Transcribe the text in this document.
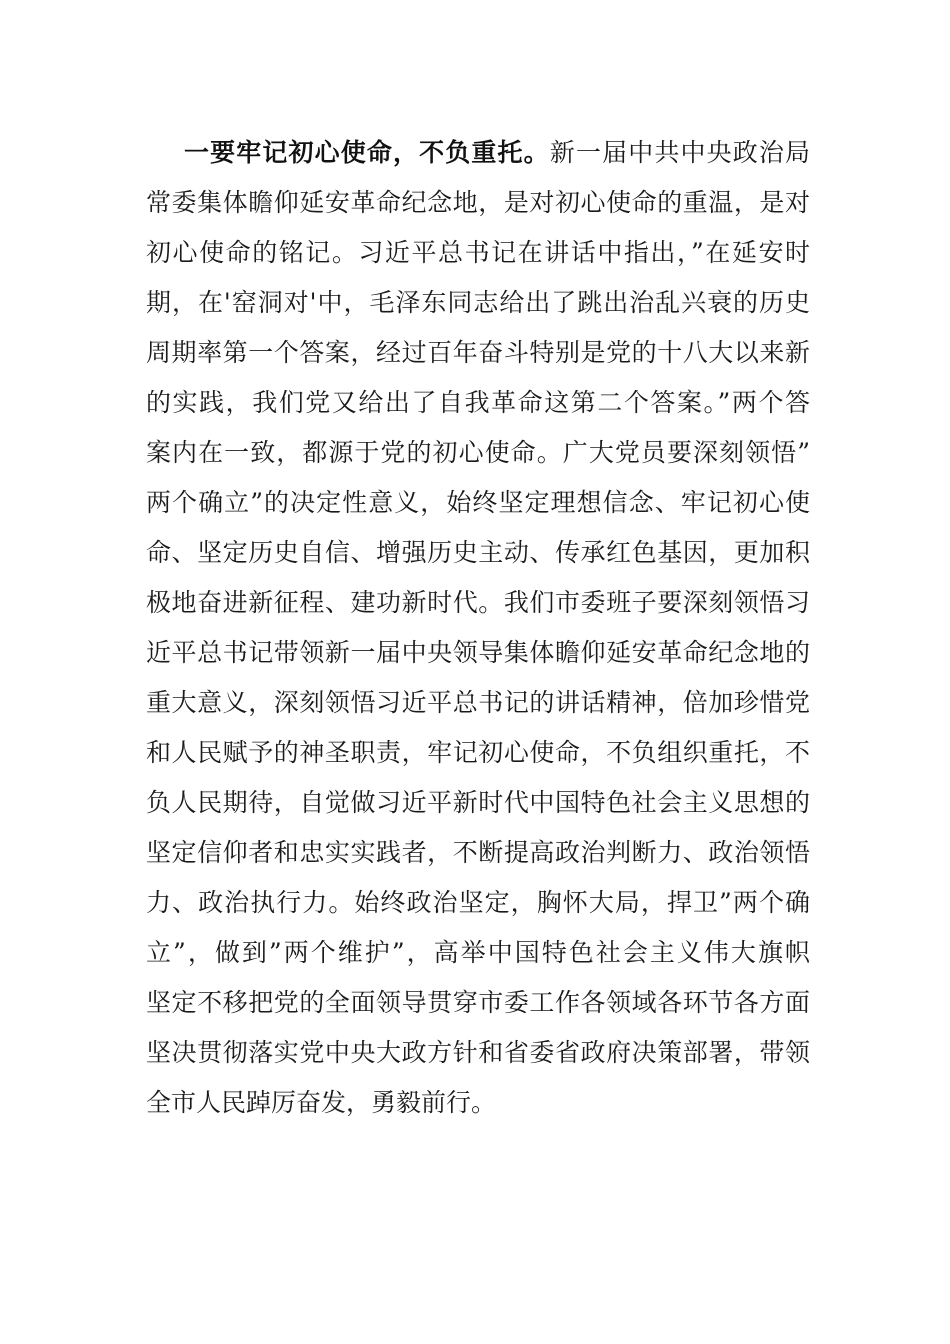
一要牢记初心使命，不负重托。新一届中共中央政治局
常委集体瞻仰延安革命纪念地，是对初心使命的重温，是对
初心使命的铭记。习近平总书记在讲话中指出，”在延安时
期，在'窑洞对'中，毛泽东同志给出了跳出治乱兴衰的历史
周期率第一个答案，经过百年奋斗特别是党的十八大以来新
的实践，我们党又给出了自我革命这第二个答案。”两个答
案内在一致，都源于党的初心使命。广大党员要深刻领悟”
两个确立”的决定性意义，始终坚定理想信念、牢记初心使
命、坚定历史自信、增强历史主动、传承红色基因，更加积
极地奋进新征程、建功新时代。我们市委班子要深刻领悟习
近平总书记带领新一届中央领导集体瞻仰延安革命纪念地的
重大意义，深刻领悟习近平总书记的讲话精神，倍加珍惜党
和人民赋予的神圣职责，牢记初心使命，不负组织重托，不
负人民期待，自觉做习近平新时代中国特色社会主义思想的
坚定信仰者和忠实实践者，不断提高政治判断力、政治领悟
力、政治执行力。始终政治坚定，胸怀大局，捍卫”两个确
立”，做到”两个维护”，高举中国特色社会主义伟大旗帜
坚定不移把党的全面领导贯穿市委工作各领域各环节各方面
坚决贯彻落实党中央大政方针和省委省政府决策部署，带领
全市人民踔厉奋发，勇毅前行。
